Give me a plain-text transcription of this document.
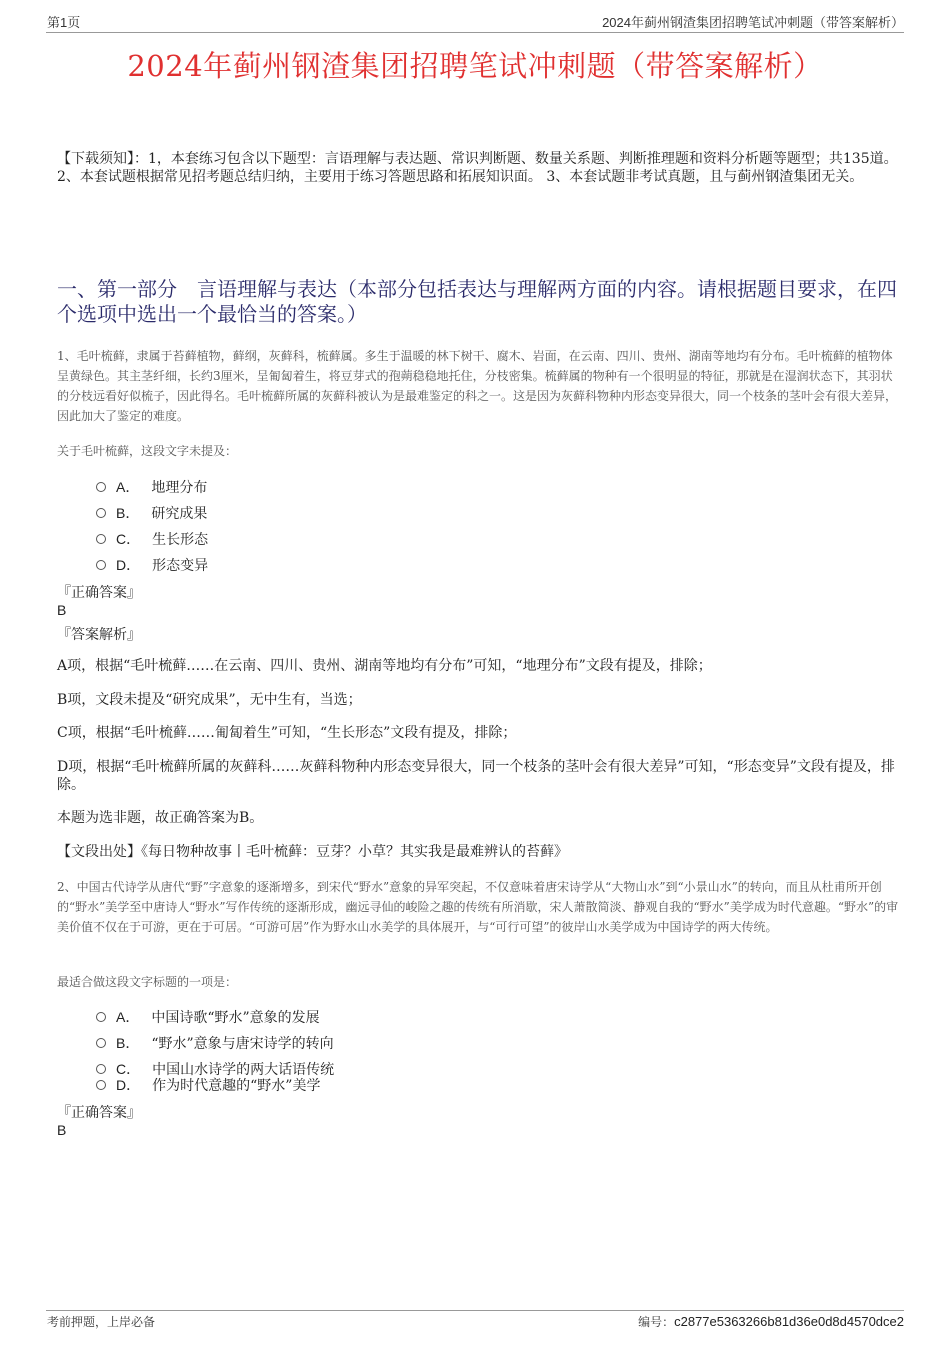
第1页	2024年蓟州钢渣集团招聘笔试冲刺题（带答案解析）
2024年蓟州钢渣集团招聘笔试冲刺题（带答案解析）
【下载须知】：1，本套练习包含以下题型：言语理解与表达题、常识判断题、数量关系题、判断推理题和资料分析题等题型；共135道。 2、本套试题根据常见招考题总结归纳，主要用于练习答题思路和拓展知识面。 3、本套试题非考试真题，且与蓟州钢渣集团无关。
一、第一部分　言语理解与表达（本部分包括表达与理解两方面的内容。请根据题目要求，在四个选项中选出一个最恰当的答案。）
1、毛叶梳藓，隶属于苔藓植物，藓纲，灰藓科，梳藓属。多生于温暖的林下树干、腐木、岩面，在云南、四川、贵州、湖南等地均有分布。毛叶梳藓的植物体呈黄绿色。其主茎纤细，长约3厘米，呈匍匐着生，将豆芽式的孢蒴稳稳地托住，分枝密集。梳藓属的物种有一个很明显的特征，那就是在湿润状态下，其羽状的分枝远看好似梳子，因此得名。毛叶梳藓所属的灰藓科被认为是最难鉴定的科之一。这是因为灰藓科物种内形态变异很大，同一个枝条的茎叶会有很大差异，因此加大了鉴定的难度。
关于毛叶梳藓，这段文字未提及：
A． 地理分布
B． 研究成果
C． 生长形态
D． 形态变异
『正确答案』
B
『答案解析』
A项，根据“毛叶梳藓……在云南、四川、贵州、湖南等地均有分布”可知，“地理分布”文段有提及，排除；
B项，文段未提及“研究成果”，无中生有，当选；
C项，根据“毛叶梳藓……匍匐着生”可知，“生长形态”文段有提及，排除；
D项，根据“毛叶梳藓所属的灰藓科……灰藓科物种内形态变异很大，同一个枝条的茎叶会有很大差异”可知，“形态变异”文段有提及，排除。
本题为选非题，故正确答案为B。
【文段出处】《每日物种故事丨毛叶梳藓：豆芽？小草？其实我是最难辨认的苔藓》
2、中国古代诗学从唐代“野”字意象的逐渐增多，到宋代“野水”意象的异军突起，不仅意味着唐宋诗学从“大物山水”到“小景山水”的转向，而且从杜甫所开创的“野水”美学至中唐诗人“野水”写作传统的逐渐形成，幽远寻仙的峻险之趣的传统有所消歇，宋人萧散简淡、静观自我的“野水”美学成为时代意趣。“野水”的审美价值不仅在于可游，更在于可居。“可游可居”作为野水山水美学的具体展开，与“可行可望”的彼岸山水美学成为中国诗学的两大传统。
最适合做这段文字标题的一项是：
A． 中国诗歌“野水”意象的发展
B． “野水”意象与唐宋诗学的转向
C． 中国山水诗学的两大话语传统
D． 作为时代意趣的“野水”美学
『正确答案』
B
考前押题，上岸必备	编号：c2877e5363266b81d36e0d8d4570dce2
